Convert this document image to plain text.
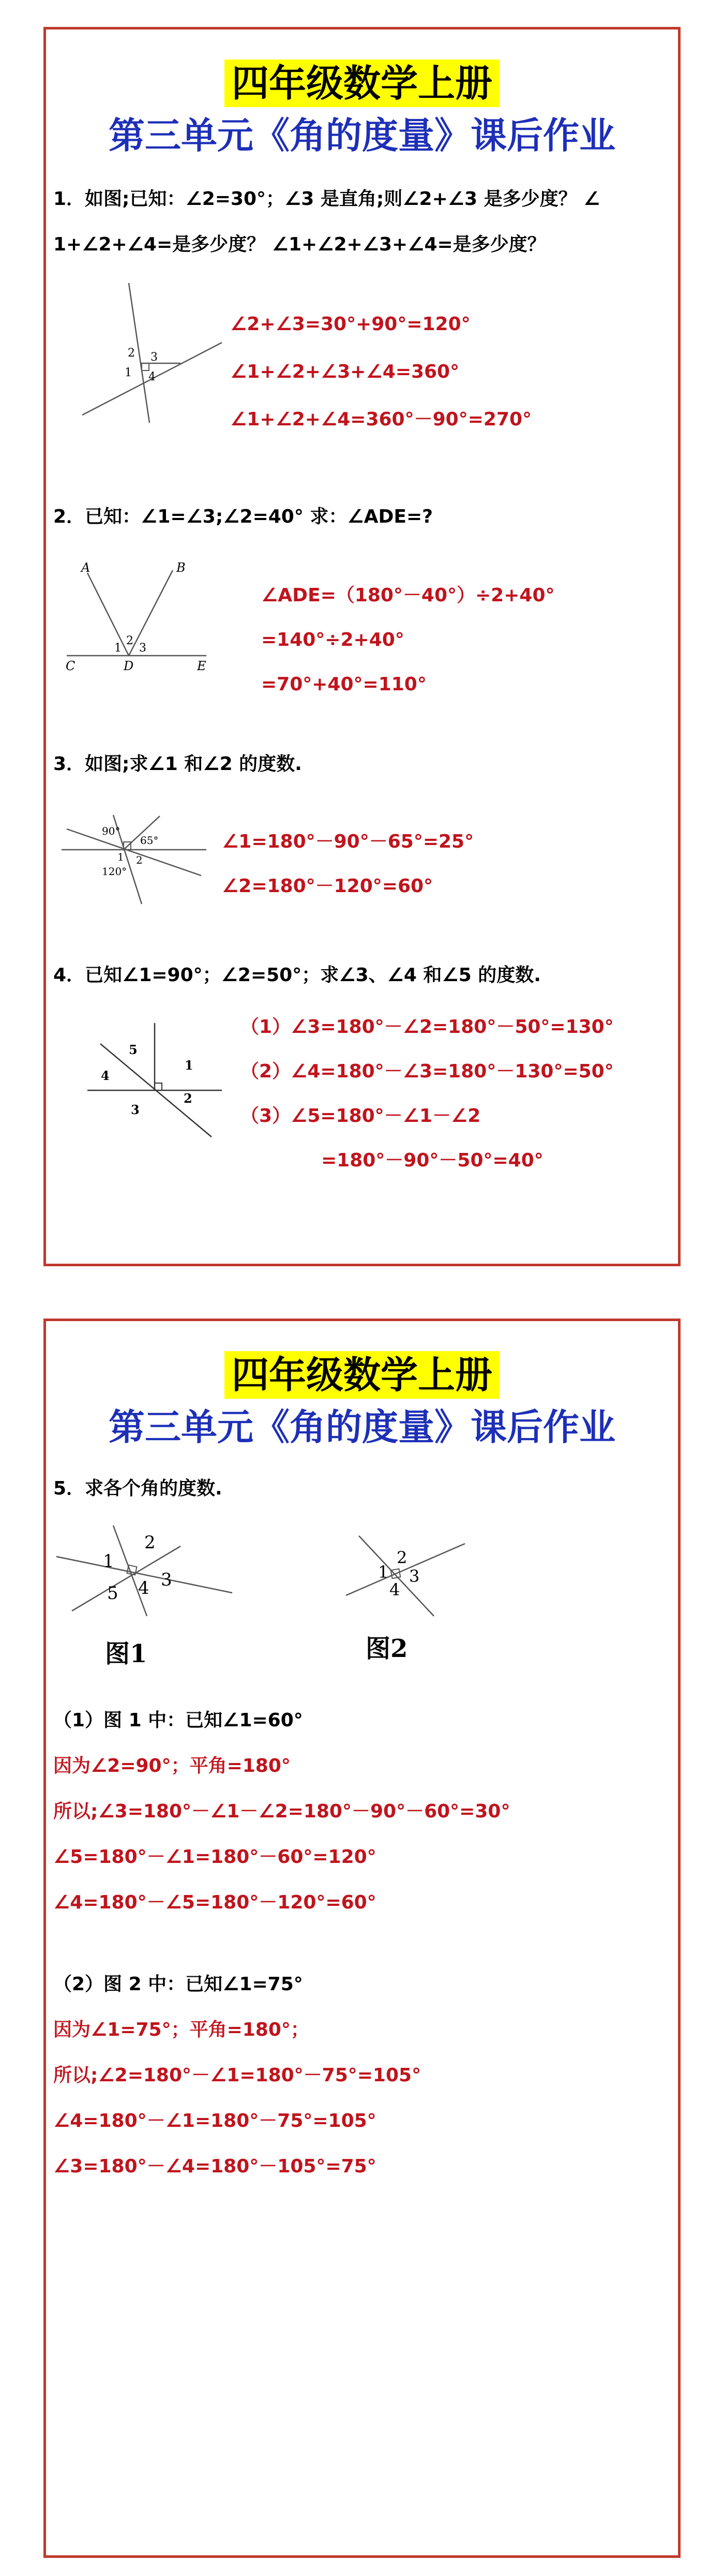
四年级数学上册
第三单元《角的度量》课后作业
1．如图;已知：∠2=30°；∠3 是直角;则∠2+∠3 是多少度？ ∠
1+∠2+∠4=是多少度？ ∠1+∠2+∠3+∠4=是多少度？
2 3
1 4
∠2+∠3=30°+90°=120°
∠1+∠2+∠3+∠4=360°
∠1+∠2+∠4=360°－90°=270°
2．已知：∠1=∠3;∠2=40° 求：∠ADE=?
A	B
C	D	E
1
2
3
∠ADE=（180°－40°）÷2+40°
=140°÷2+40°
=70°+40°=110°
3．如图;求∠1 和∠2 的度数.
90°
65°
1 2
120°
∠1=180°－90°－65°=25°
∠2=180°－120°=60°
4．已知∠1=90°；∠2=50°；求∠3、∠4 和∠5 的度数.
5
1
4
2
3
（1）∠3=180°－∠2=180°－50°=130°
（2）∠4=180°－∠3=180°－130°=50°
（3）∠5=180°－∠1－∠2
=180°－90°－50°=40°
四年级数学上册
第三单元《角的度量》课后作业
5．求各个角的度数.
1
2
3
4
5
图1
1
2
3
4
图2
（1）图 1 中：已知∠1=60°
因为∠2=90°；平角=180°
所以;∠3=180°－∠1－∠2=180°－90°－60°=30°
∠5=180°－∠1=180°－60°=120°
∠4=180°－∠5=180°－120°=60°
（2）图 2 中：已知∠1=75°
因为∠1=75°；平角=180°；
所以;∠2=180°－∠1=180°－75°=105°
∠4=180°－∠1=180°－75°=105°
∠3=180°－∠4=180°－105°=75°
